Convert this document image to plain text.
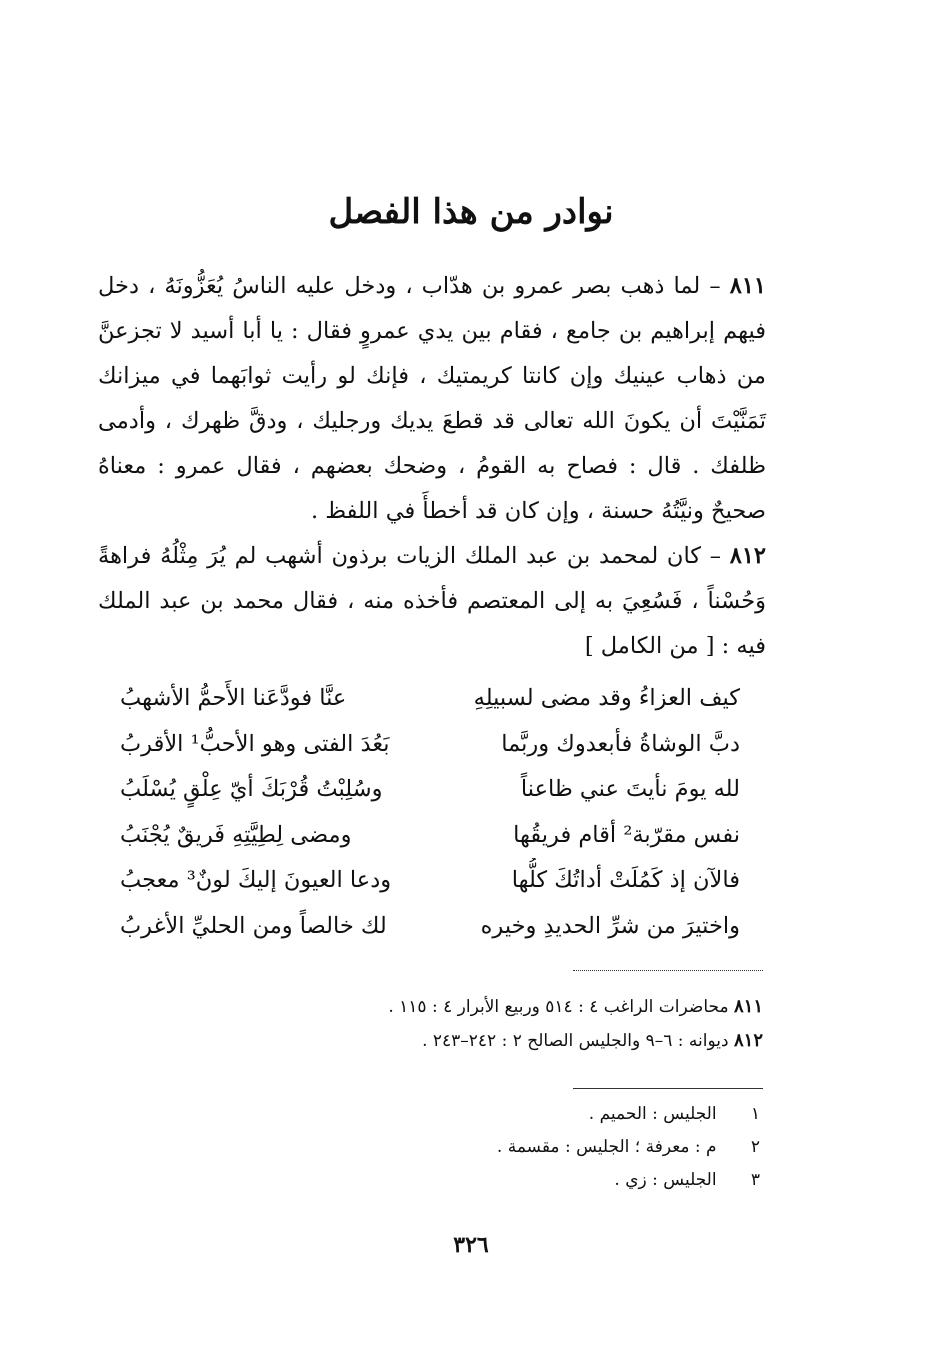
نوادر من هذا الفصل
٨١١ – لما ذهب بصر عمرو بن هدّاب ، ودخل عليه الناسُ يُعَزُّونَهُ ، دخل فيهم إبراهيم بن جامع ، فقام بين يدي عمروٍ فقال : يا أبا أسيد لا تجزعنَّ من ذهاب عينيك وإن كانتا كريمتيك ، فإنك لو رأيت ثوابَهما في ميزانك تَمَنَّيْتَ أن يكونَ الله تعالى قد قطعَ يديك ورجليك ، ودقَّ ظهرك ، وأدمى ظلفك . قال : فصاح به القومُ ، وضحك بعضهم ، فقال عمرو : معناهُ صحيحٌ ونيَّتُهُ حسنة ، وإن كان قد أخطأَ في اللفظ .
٨١٢ – كان لمحمد بن عبد الملك الزيات برذون أشهب لم يُرَ مِثْلُهُ فراهةً وَحُسْناً ، فَسُعِيَ به إلى المعتصم فأخذه منه ، فقال محمد بن عبد الملك فيه : [ من الكامل ]
كيف العزاءُ وقد مضى لسبيلِهِ
عنَّا فودَّعَنا الأَحمُّ الأشهبُ
دبَّ الوشاةُ فأبعدوك وربَّما
بَعُدَ الفتى وهو الأحبُّ¹ الأقربُ
لله يومَ نأيتَ عني ظاعناً
وسُلِبْتُ قُرْبَكَ أيّ عِلْقٍ يُسْلَبُ
نفس مقرّبة² أقام فريقُها
ومضى لِطِيَّتِهِ فَريقٌ يُجْنَبُ
فالآن إذ كَمُلَتْ أداتُكَ كلُّها
ودعا العيونَ إليكَ لونٌ³ معجبُ
واختيرَ من شرِّ الحديدِ وخيره
لك خالصاً ومن الحليِّ الأغربُ
٨١١ محاضرات الراغب ٤ : ٥١٤ وربيع الأبرار ٤ : ١١٥ .
٨١٢ ديوانه : ٦–٩ والجليس الصالح ٢ : ٢٤٢–٢٤٣ .
١ الجليس : الحميم .
٢ م : معرفة ؛ الجليس : مقسمة .
٣ الجليس : زي .
٣٢٦
